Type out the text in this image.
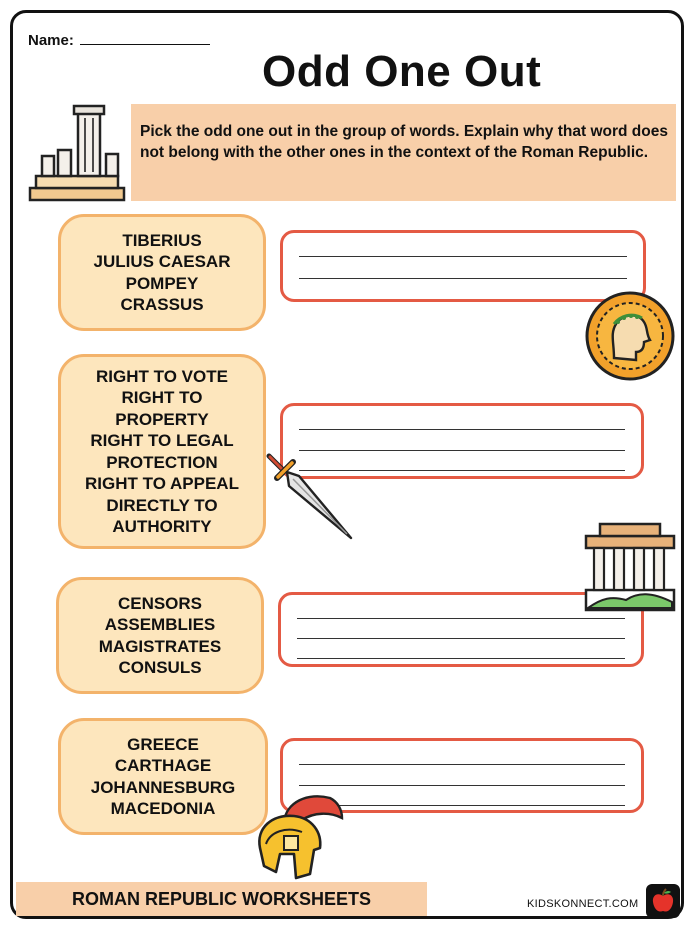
Name:
Odd One Out
Pick the odd one out in the group of words. Explain why that word does not belong with the other ones in the context of the Roman Republic.
TIBERIUS
JULIUS CAESAR
POMPEY
CRASSUS
RIGHT TO VOTE
RIGHT TO
PROPERTY
RIGHT TO LEGAL
PROTECTION
RIGHT TO APPEAL
DIRECTLY TO
AUTHORITY
CENSORS
ASSEMBLIES
MAGISTRATES
CONSULS
GREECE
CARTHAGE
JOHANNESBURG
MACEDONIA
ROMAN REPUBLIC WORKSHEETS	KIDSKONNECT.COM
